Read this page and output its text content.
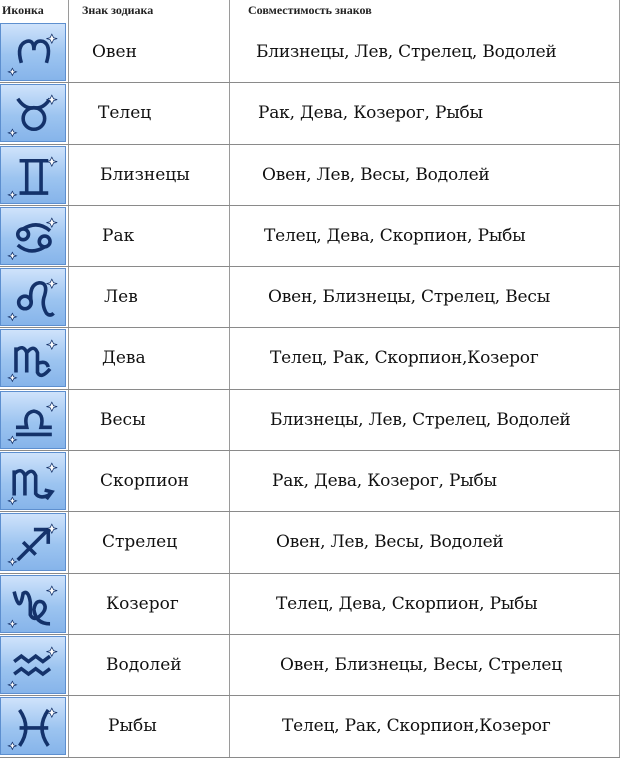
Иконка	Знак зодиака	Совместимость знаков
Овен	Близнецы, Лев, Стрелец, Водолей
Телец	Рак, Дева, Козерог, Рыбы
Близнецы	Овен, Лев, Весы, Водолей
Рак	Телец, Дева, Скорпион, Рыбы
Лев	Овен, Близнецы, Стрелец, Весы
Дева	Телец, Рак, Скорпион,Козерог
Весы	Близнецы, Лев, Стрелец, Водолей
Скорпион	Рак, Дева, Козерог, Рыбы
Стрелец	Овен, Лев, Весы, Водолей
Козерог	Телец, Дева, Скорпион, Рыбы
Водолей	Овен, Близнецы, Весы, Стрелец
Рыбы	Телец, Рак, Скорпион,Козерог
